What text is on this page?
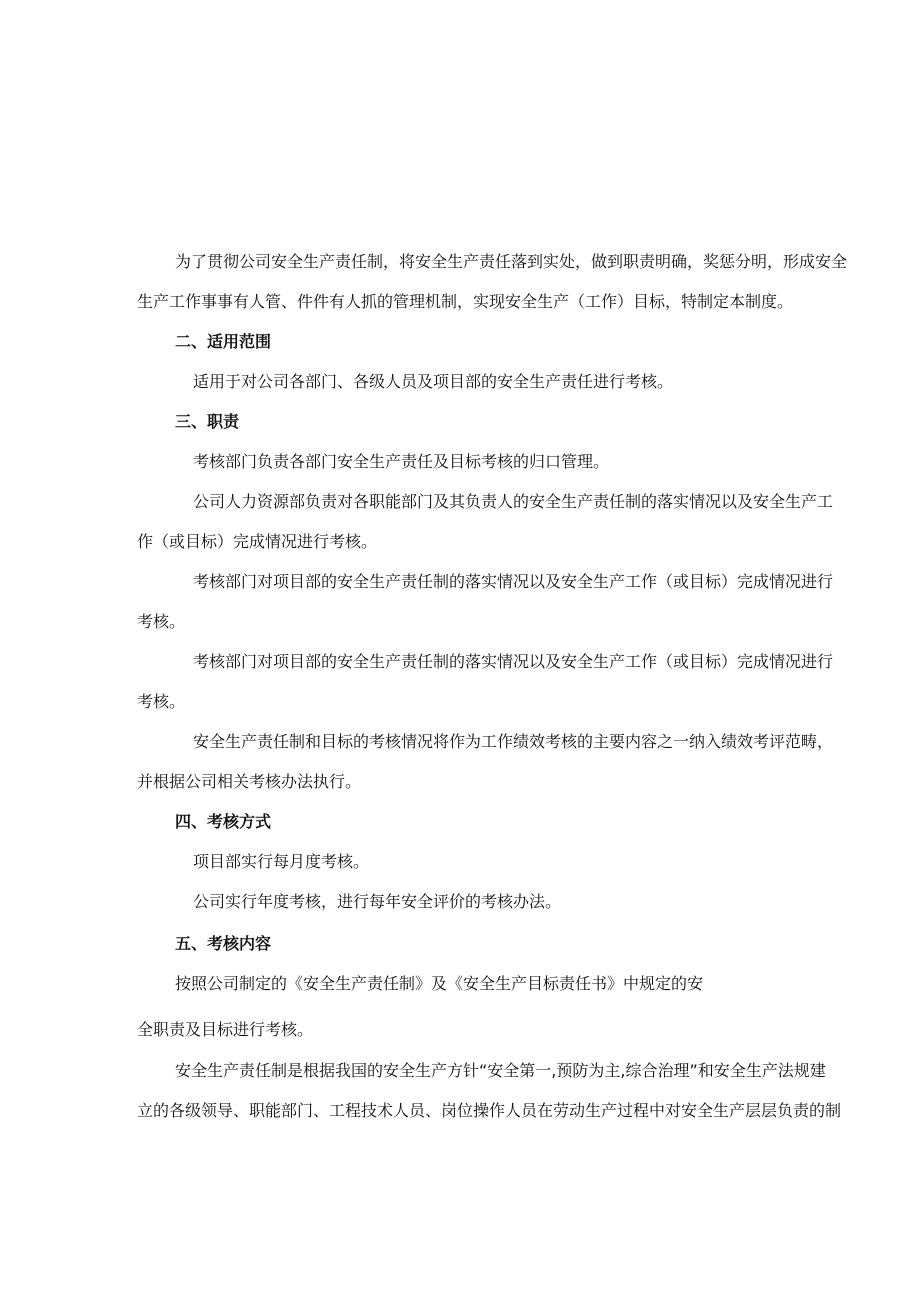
为了贯彻公司安全生产责任制，将安全生产责任落到实处，做到职责明确，奖惩分明，形成安全

生产工作事事有人管、件件有人抓的管理机制，实现安全生产（工作）目标，特制定本制度。

二、适用范围

适用于对公司各部门、各级人员及项目部的安全生产责任进行考核。

三、职责

考核部门负责各部门安全生产责任及目标考核的归口管理。

公司人力资源部负责对各职能部门及其负责人的安全生产责任制的落实情况以及安全生产工

作（或目标）完成情况进行考核。

考核部门对项目部的安全生产责任制的落实情况以及安全生产工作（或目标）完成情况进行

考核。

考核部门对项目部的安全生产责任制的落实情况以及安全生产工作（或目标）完成情况进行

考核。

安全生产责任制和目标的考核情况将作为工作绩效考核的主要内容之一纳入绩效考评范畴，

并根据公司相关考核办法执行。

四、考核方式

项目部实行每月度考核。

公司实行年度考核，进行每年安全评价的考核办法。

五、考核内容

按照公司制定的《安全生产责任制》及《安全生产目标责任书》中规定的安

全职责及目标进行考核。

安全生产责任制是根据我国的安全生产方针“安全第一,预防为主,综合治理”和安全生产法规建

立的各级领导、职能部门、工程技术人员、岗位操作人员在劳动生产过程中对安全生产层层负责的制
